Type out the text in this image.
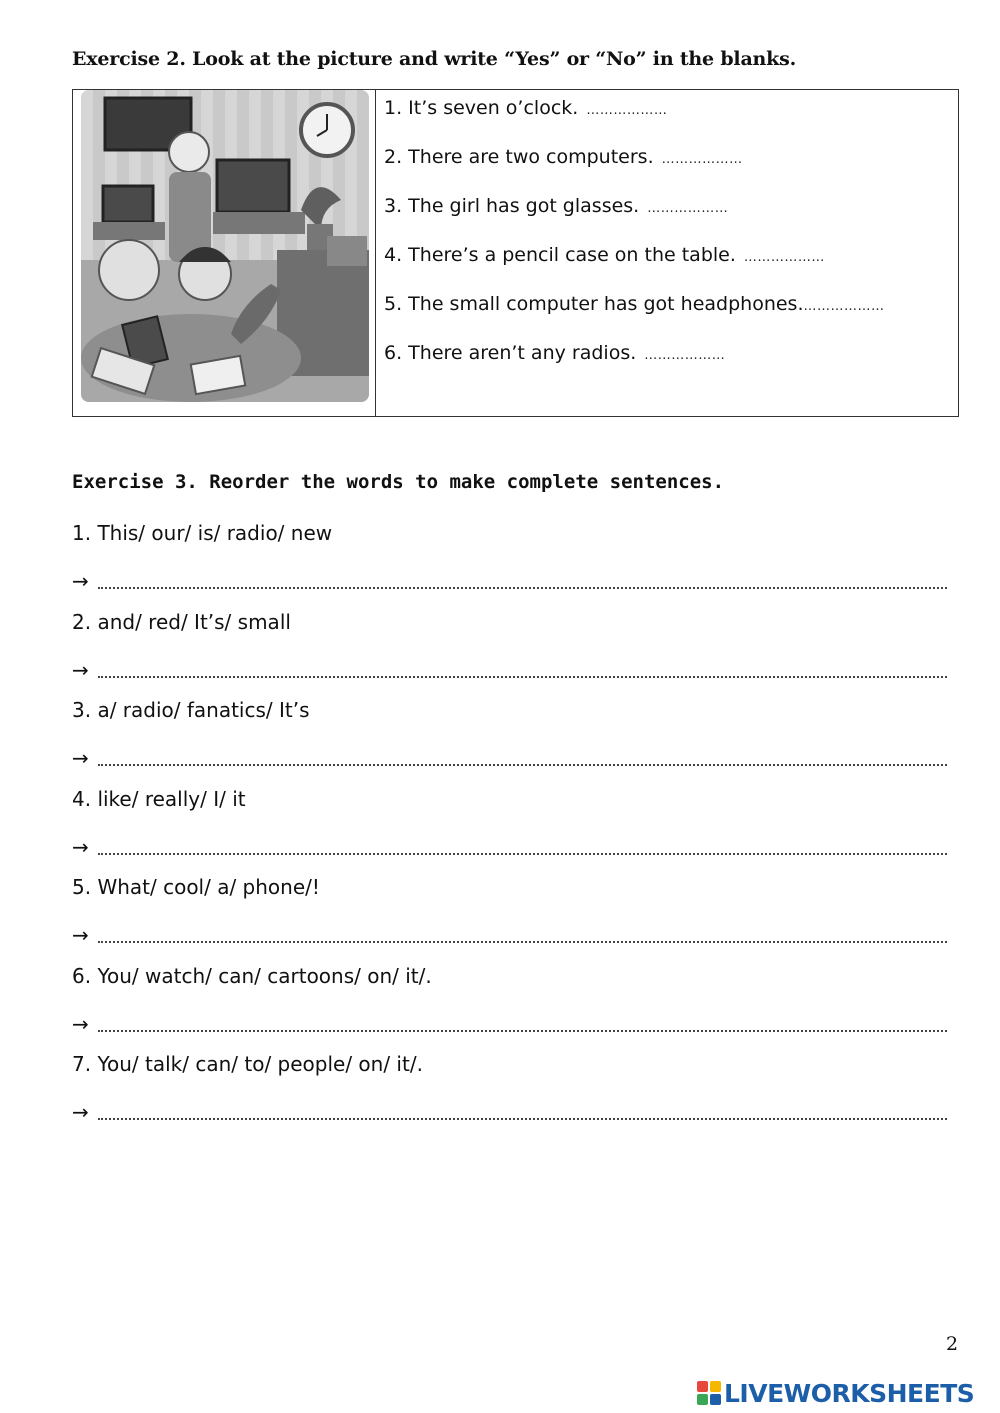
Exercise 2. Look at the picture and write “Yes” or “No” in the blanks.
1. It’s seven o’clock. ………………
2. There are two computers. ………………
3. The girl has got glasses. ………………
4. There’s a pencil case on the table. ………………
5. The small computer has got headphones.………………
6. There aren’t any radios. ………………
Exercise 3. Reorder the words to make complete sentences.
1. This/ our/ is/ radio/ new
→
2. and/ red/ It’s/ small
→
3. a/ radio/ fanatics/ It’s
→
4. like/ really/ I/ it
→
5. What/ cool/ a/ phone/!
→
6. You/ watch/ can/ cartoons/ on/ it/.
→
7. You/ talk/ can/ to/ people/ on/ it/.
→
2
LIVEWORKSHEETS
